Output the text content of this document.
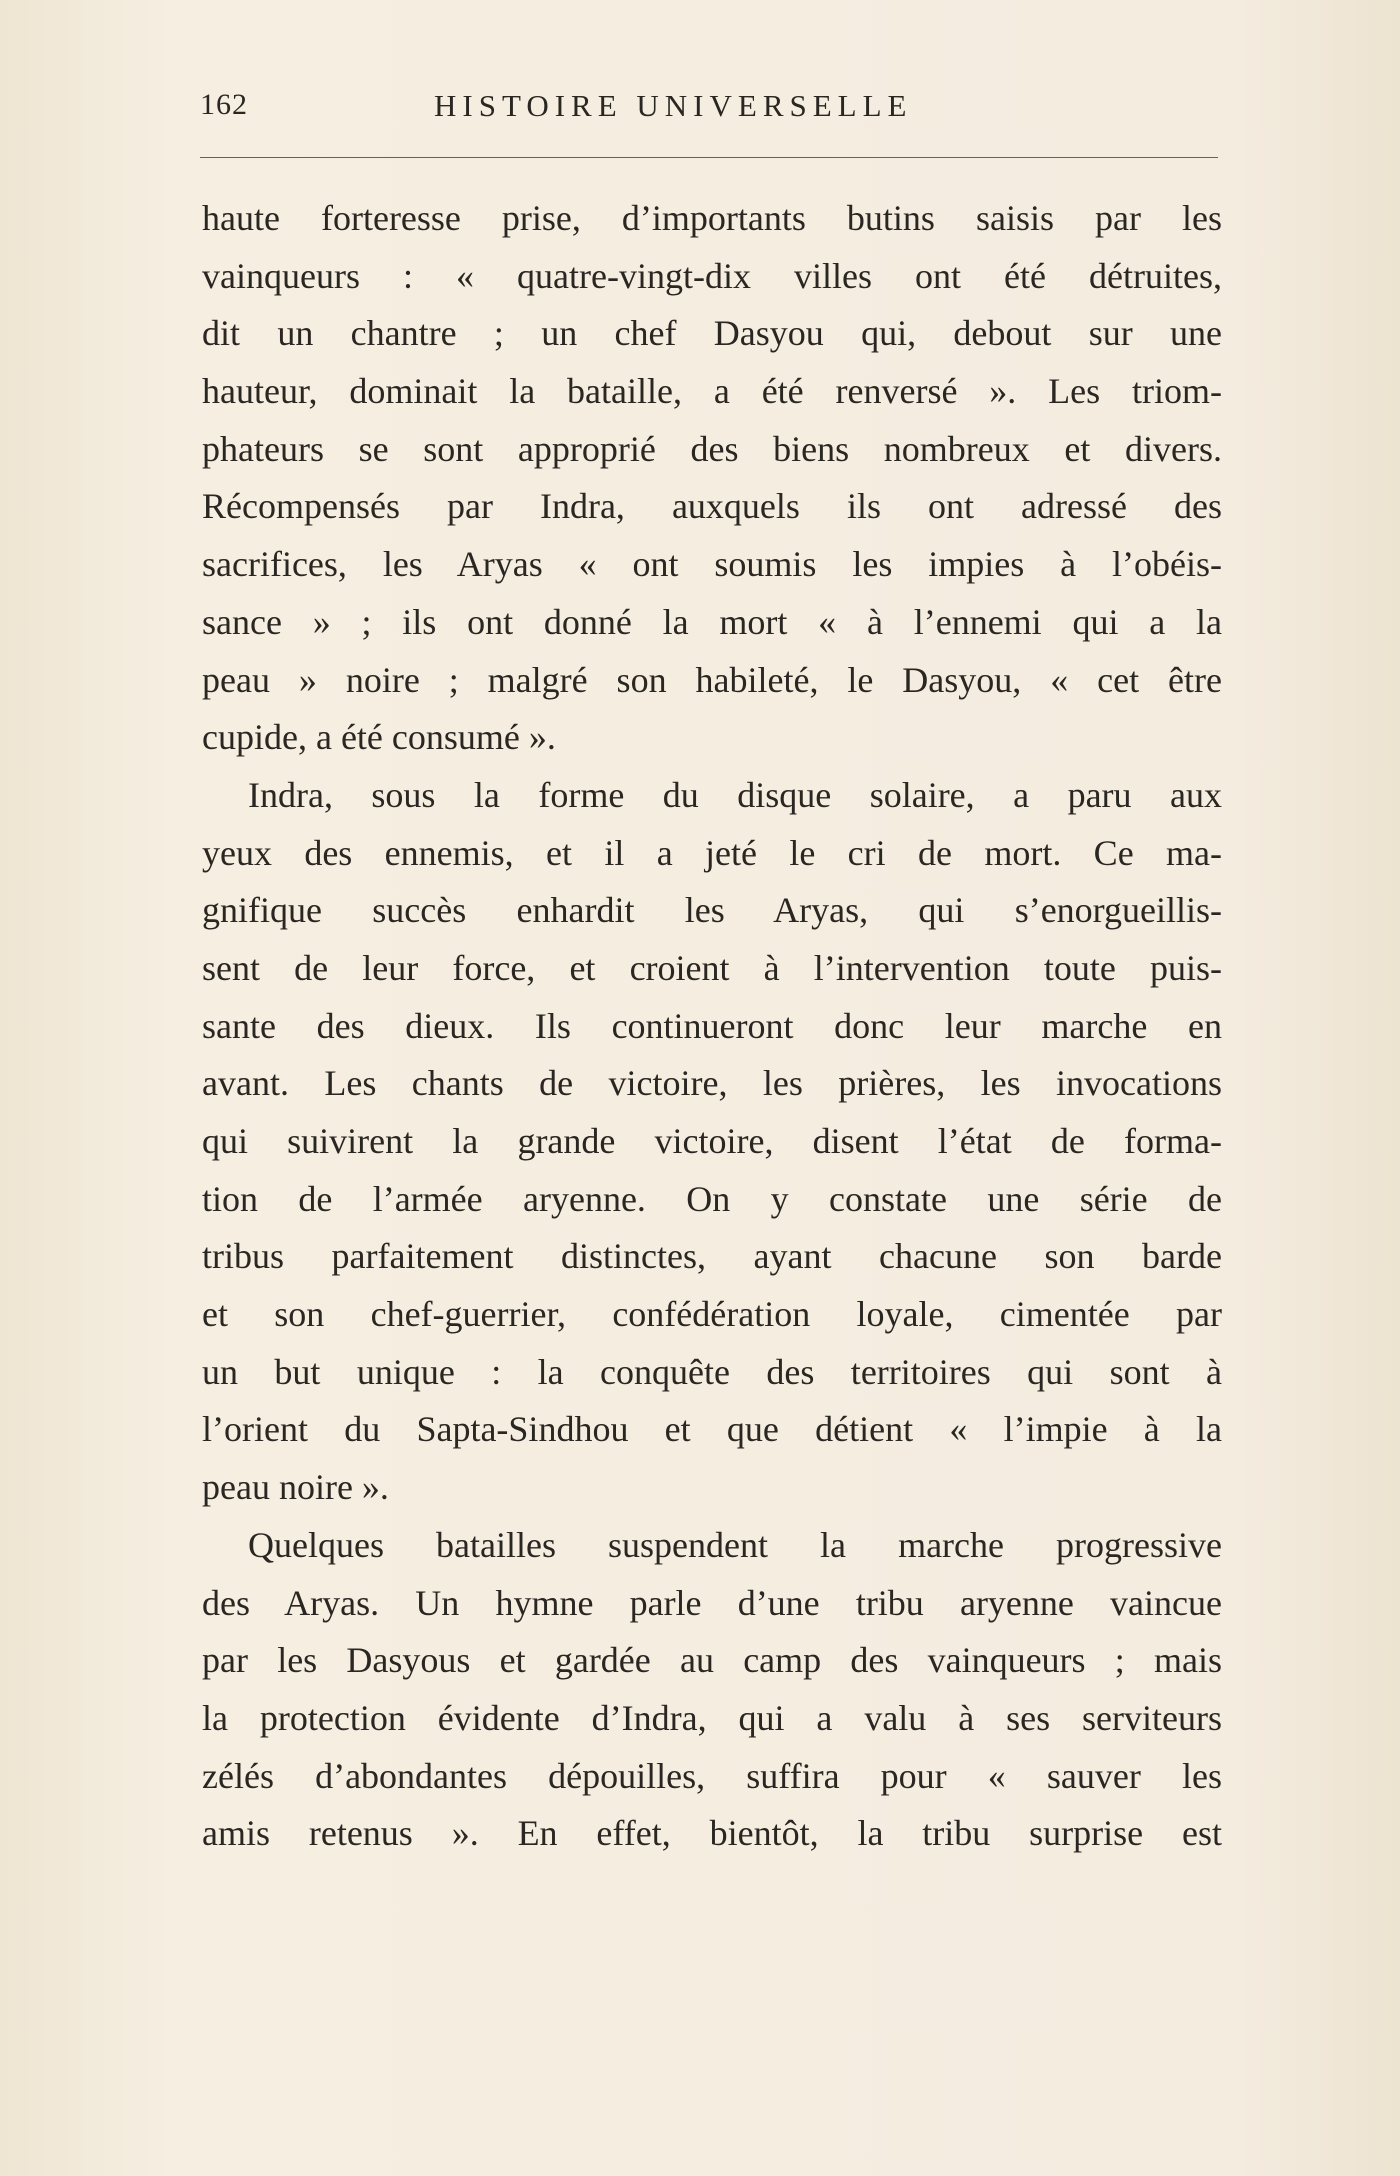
162	HISTOIRE UNIVERSELLE
haute forteresse prise, d’importants butins saisis par les
vainqueurs : « quatre-vingt-dix villes ont été détruites,
dit un chantre ; un chef Dasyou qui, debout sur une
hauteur, dominait la bataille, a été renversé ». Les triom-
phateurs se sont approprié des biens nombreux et divers.
Récompensés par Indra, auxquels ils ont adressé des
sacrifices, les Aryas « ont soumis les impies à l’obéis-
sance » ; ils ont donné la mort « à l’ennemi qui a la
peau » noire ; malgré son habileté, le Dasyou, « cet être
cupide, a été consumé ».
Indra, sous la forme du disque solaire, a paru aux
yeux des ennemis, et il a jeté le cri de mort. Ce ma-
gnifique succès enhardit les Aryas, qui s’enorgueillis-
sent de leur force, et croient à l’intervention toute puis-
sante des dieux. Ils continueront donc leur marche en
avant. Les chants de victoire, les prières, les invocations
qui suivirent la grande victoire, disent l’état de forma-
tion de l’armée aryenne. On y constate une série de
tribus parfaitement distinctes, ayant chacune son barde
et son chef-guerrier, confédération loyale, cimentée par
un but unique : la conquête des territoires qui sont à
l’orient du Sapta-Sindhou et que détient « l’impie à la
peau noire ».
Quelques batailles suspendent la marche progressive
des Aryas. Un hymne parle d’une tribu aryenne vaincue
par les Dasyous et gardée au camp des vainqueurs ; mais
la protection évidente d’Indra, qui a valu à ses serviteurs
zélés d’abondantes dépouilles, suffira pour « sauver les
amis retenus ». En effet, bientôt, la tribu surprise est
